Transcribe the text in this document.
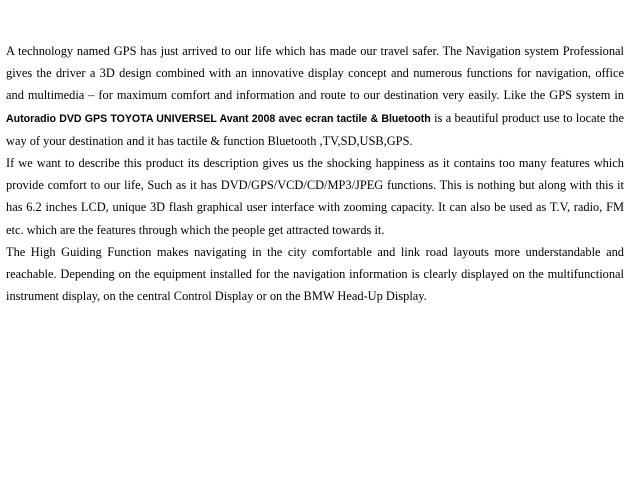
A technology named GPS has just arrived to our life which has made our travel safer. The Navigation system Professional gives the driver a 3D design combined with an innovative display concept and numerous functions for navigation, office and multimedia – for maximum comfort and information and route to our destination very easily. Like the GPS system in Autoradio DVD GPS TOYOTA UNIVERSEL Avant 2008 avec ecran tactile & Bluetooth is a beautiful product use to locate the way of your destination and it has tactile & function Bluetooth ,TV,SD,USB,GPS.

If we want to describe this product its description gives us the shocking happiness as it contains too many features which provide comfort to our life, Such as it has DVD/GPS/VCD/CD/MP3/JPEG functions. This is nothing but along with this it has 6.2 inches LCD, unique 3D flash graphical user interface with zooming capacity. It can also be used as T.V, radio, FM etc. which are the features through which the people get attracted towards it.

The High Guiding Function makes navigating in the city comfortable and link road layouts more understandable and reachable. Depending on the equipment installed for the navigation information is clearly displayed on the multifunctional instrument display, on the central Control Display or on the BMW Head-Up Display.
